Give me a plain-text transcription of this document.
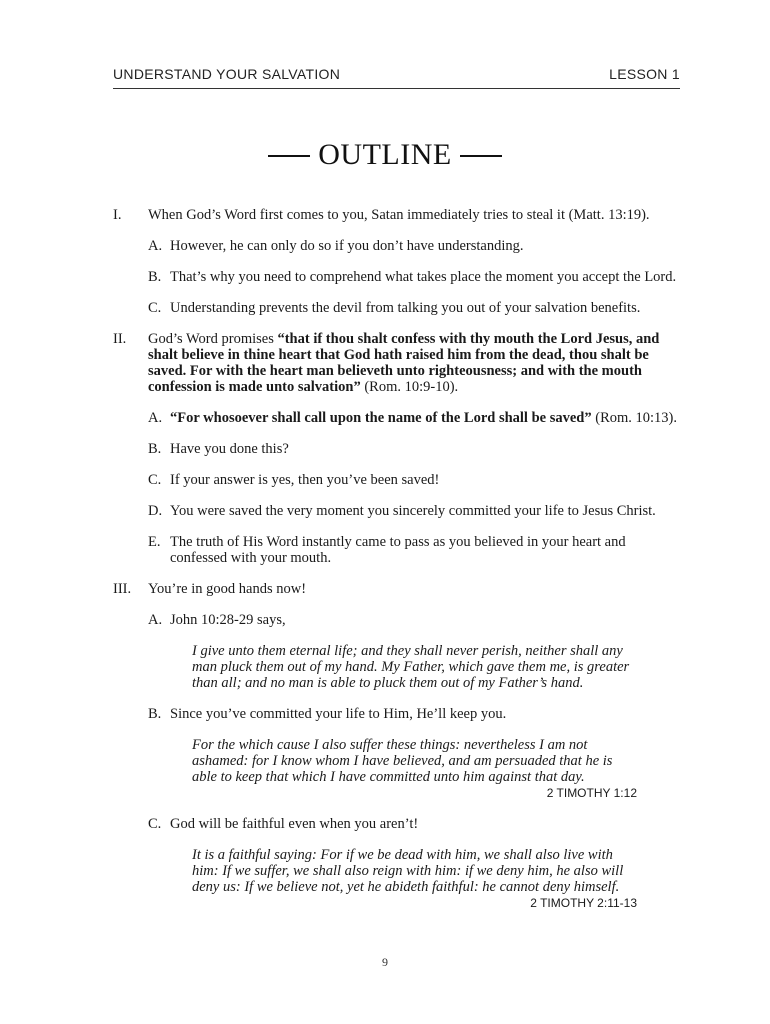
UNDERSTAND YOUR SALVATION	LESSON 1
OUTLINE
I. When God’s Word first comes to you, Satan immediately tries to steal it (Matt. 13:19).
A. However, he can only do so if you don’t have understanding.
B. That’s why you need to comprehend what takes place the moment you accept the Lord.
C. Understanding prevents the devil from talking you out of your salvation benefits.
II. God’s Word promises “that if thou shalt confess with thy mouth the Lord Jesus, and shalt believe in thine heart that God hath raised him from the dead, thou shalt be saved. For with the heart man believeth unto righteousness; and with the mouth confession is made unto salvation” (Rom. 10:9-10).
A. “For whosoever shall call upon the name of the Lord shall be saved” (Rom. 10:13).
B. Have you done this?
C. If your answer is yes, then you’ve been saved!
D. You were saved the very moment you sincerely committed your life to Jesus Christ.
E. The truth of His Word instantly came to pass as you believed in your heart and confessed with your mouth.
III. You’re in good hands now!
A. John 10:28-29 says,
I give unto them eternal life; and they shall never perish, neither shall any man pluck them out of my hand. My Father, which gave them me, is greater than all; and no man is able to pluck them out of my Father’s hand.
B. Since you’ve committed your life to Him, He’ll keep you.
For the which cause I also suffer these things: nevertheless I am not ashamed: for I know whom I have believed, and am persuaded that he is able to keep that which I have committed unto him against that day.
2 TIMOTHY 1:12
C. God will be faithful even when you aren’t!
It is a faithful saying: For if we be dead with him, we shall also live with him: If we suffer, we shall also reign with him: if we deny him, he also will deny us: If we believe not, yet he abideth faithful: he cannot deny himself.
2 TIMOTHY 2:11-13
9
